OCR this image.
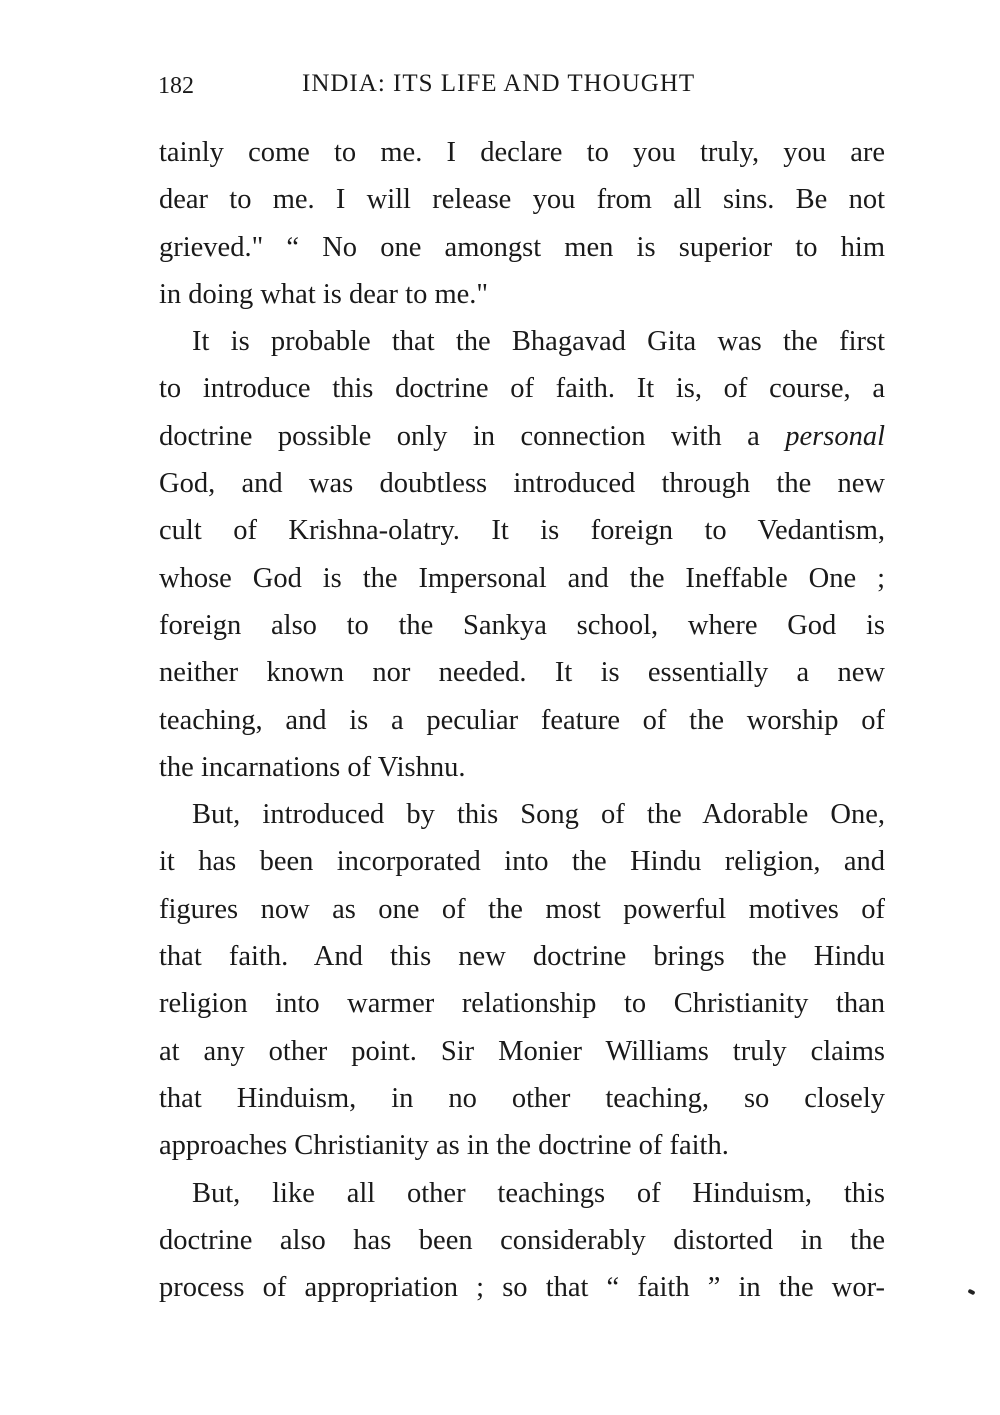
182	INDIA: ITS LIFE AND THOUGHT
tainly come to me. I declare to you truly, you are
dear to me. I will release you from all sins. Be not
grieved." “ No one amongst men is superior to him
in doing what is dear to me."
It is probable that the Bhagavad Gita was the first
to introduce this doctrine of faith. It is, of course, a
doctrine possible only in connection with a personal
God, and was doubtless introduced through the new
cult of Krishna-olatry. It is foreign to Vedantism,
whose God is the Impersonal and the Ineffable One ;
foreign also to the Sankya school, where God is
neither known nor needed. It is essentially a new
teaching, and is a peculiar feature of the worship of
the incarnations of Vishnu.
But, introduced by this Song of the Adorable One,
it has been incorporated into the Hindu religion, and
figures now as one of the most powerful motives of
that faith. And this new doctrine brings the Hindu
religion into warmer relationship to Christianity than
at any other point. Sir Monier Williams truly claims
that Hinduism, in no other teaching, so closely
approaches Christianity as in the doctrine of faith.
But, like all other teachings of Hinduism, this
doctrine also has been considerably distorted in the
process of appropriation ; so that “ faith ” in the wor-
